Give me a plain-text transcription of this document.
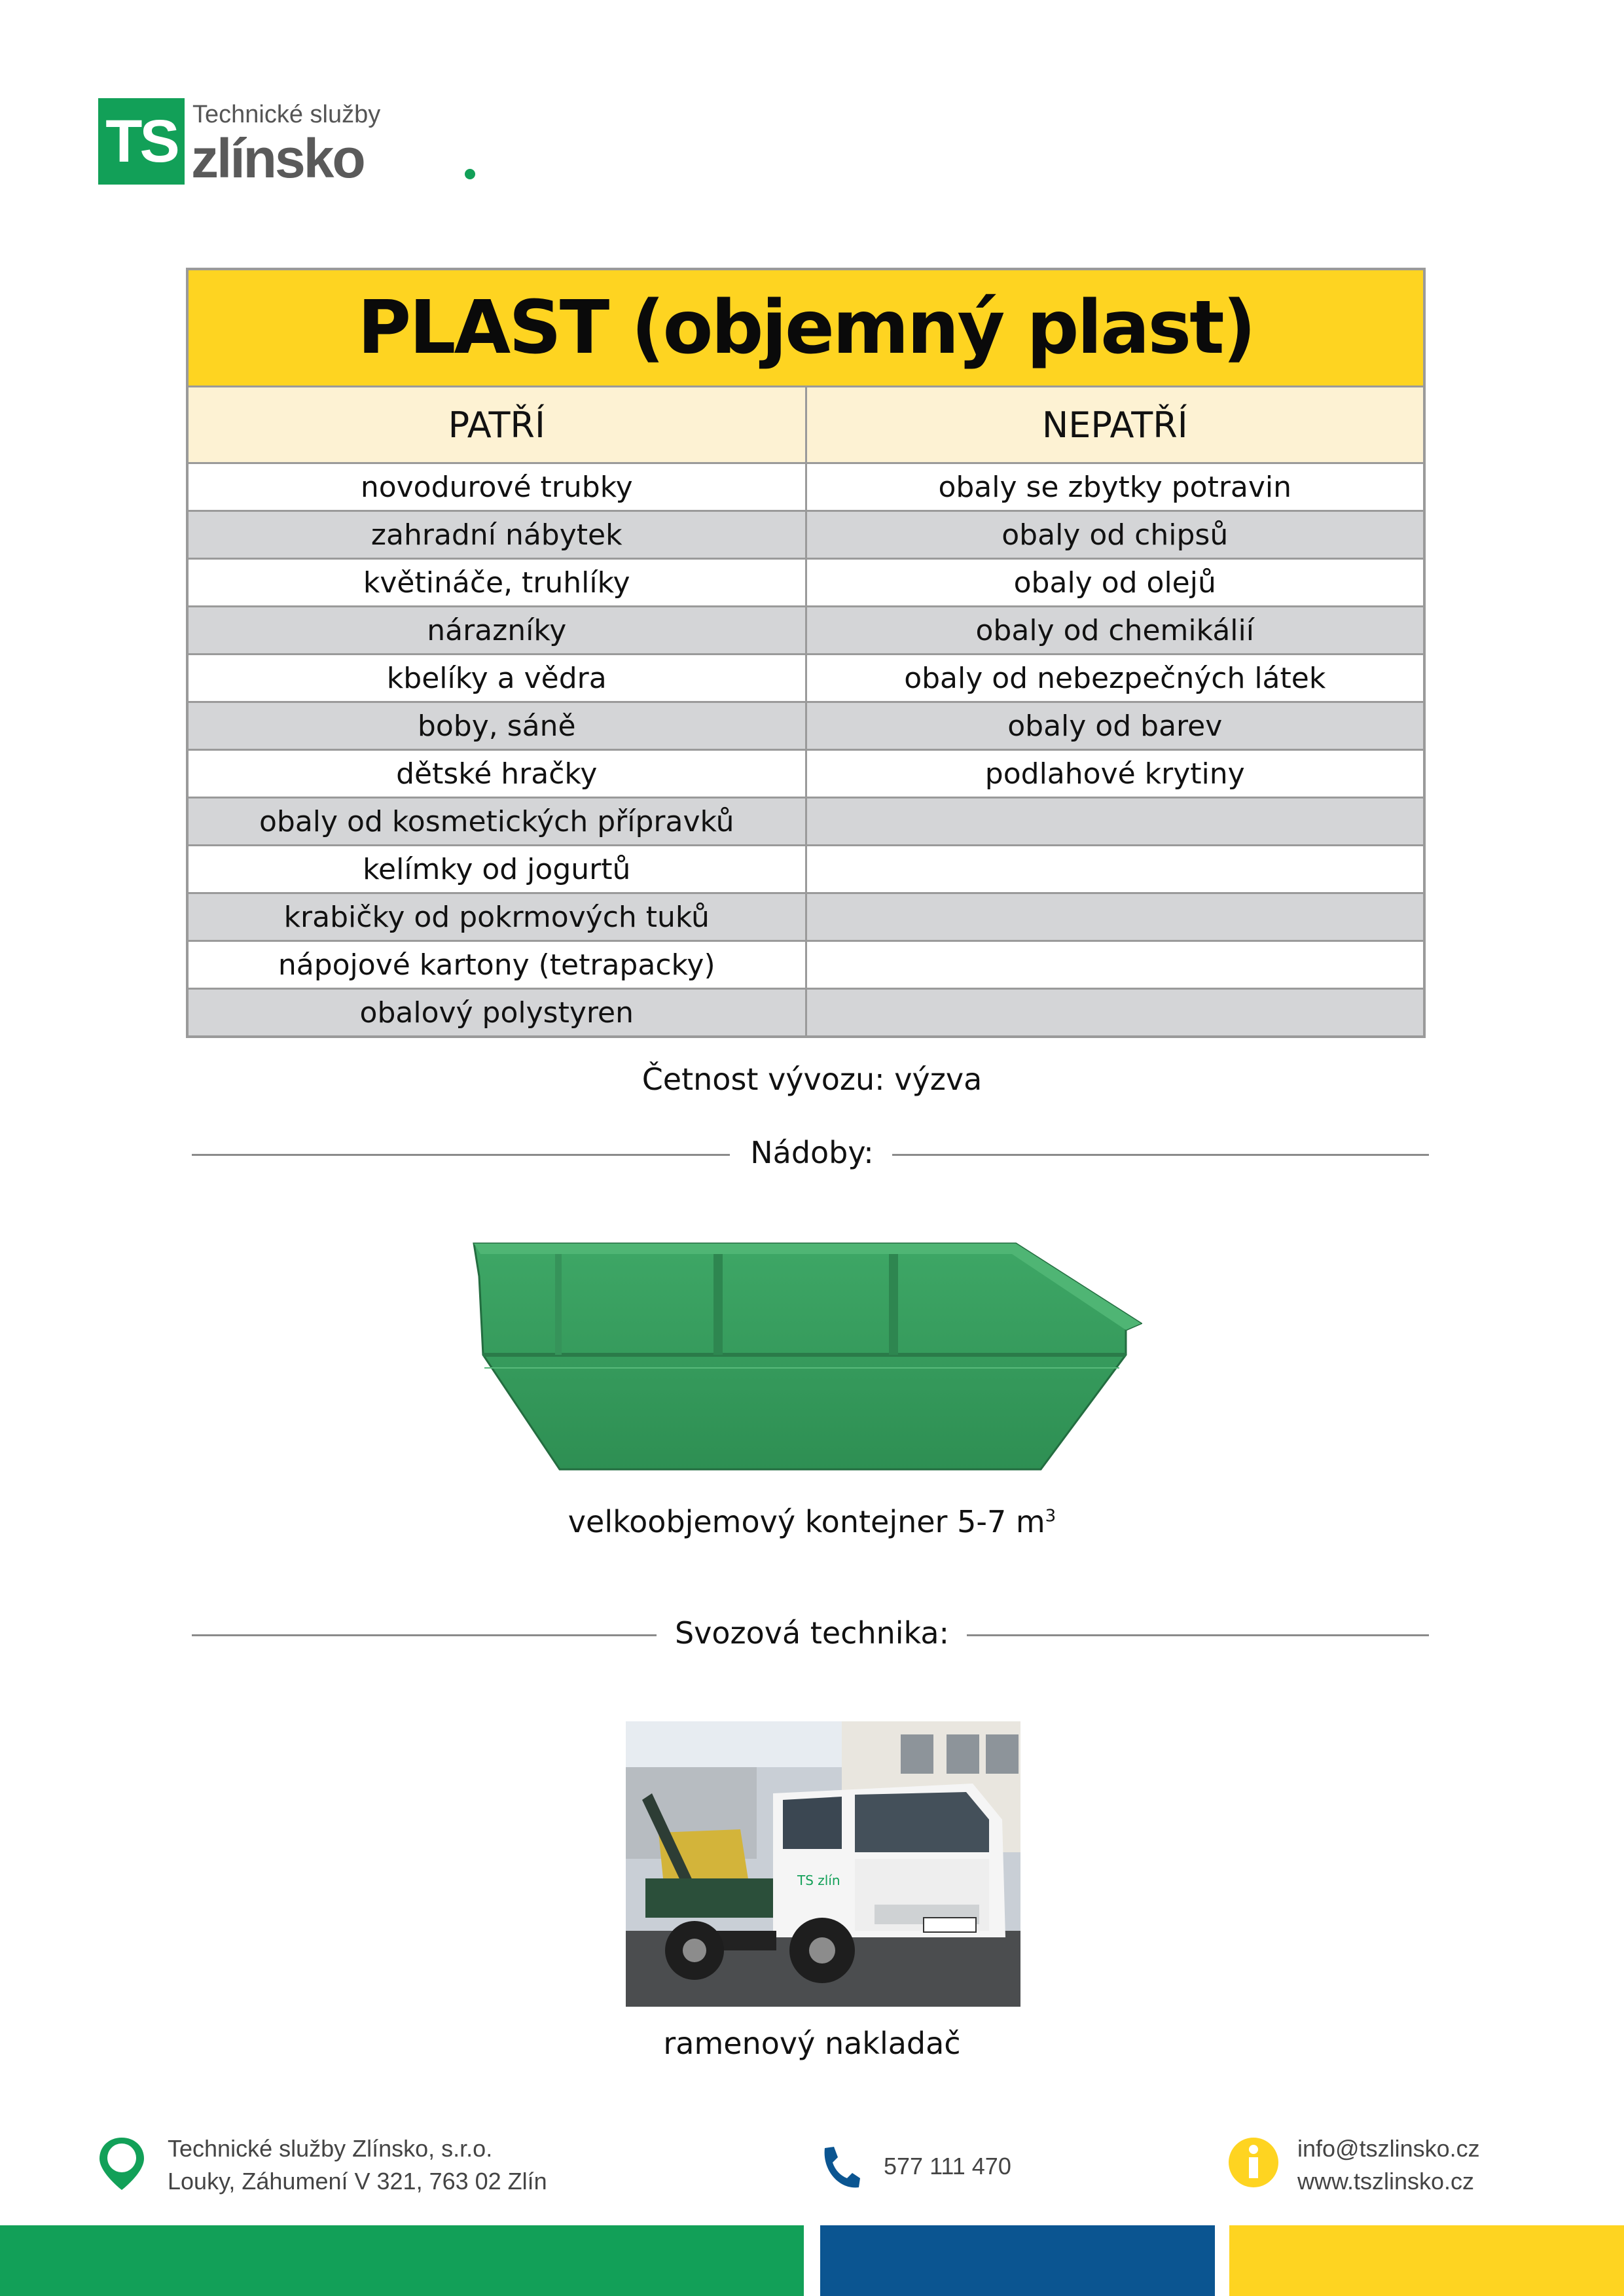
TS Technické služby
zlínsko
PLAST (objemný plast)
PATŘÍ	NEPATŘÍ
novodurové trubky	obaly se zbytky potravin
zahradní nábytek	obaly od chipsů
květináče, truhlíky	obaly od olejů
nárazníky	obaly od chemikálií
kbelíky a vědra	obaly od nebezpečných látek
boby, sáně	obaly od barev
dětské hračky	podlahové krytiny
obaly od kosmetických přípravků
kelímky od jogurtů
krabičky od pokrmových tuků
nápojové kartony (tetrapacky)
obalový polystyren
Četnost vývozu: výzva
Nádoby:
velkoobjemový kontejner 5-7 $m^3$
Svozová technika:
TS zlín
ramenový nakladač
Technické služby Zlínsko, s.r.o.
Louky, Záhumení V 321, 763 02 Zlín
577 111 470
info@tszlinsko.cz
www.tszlinsko.cz
